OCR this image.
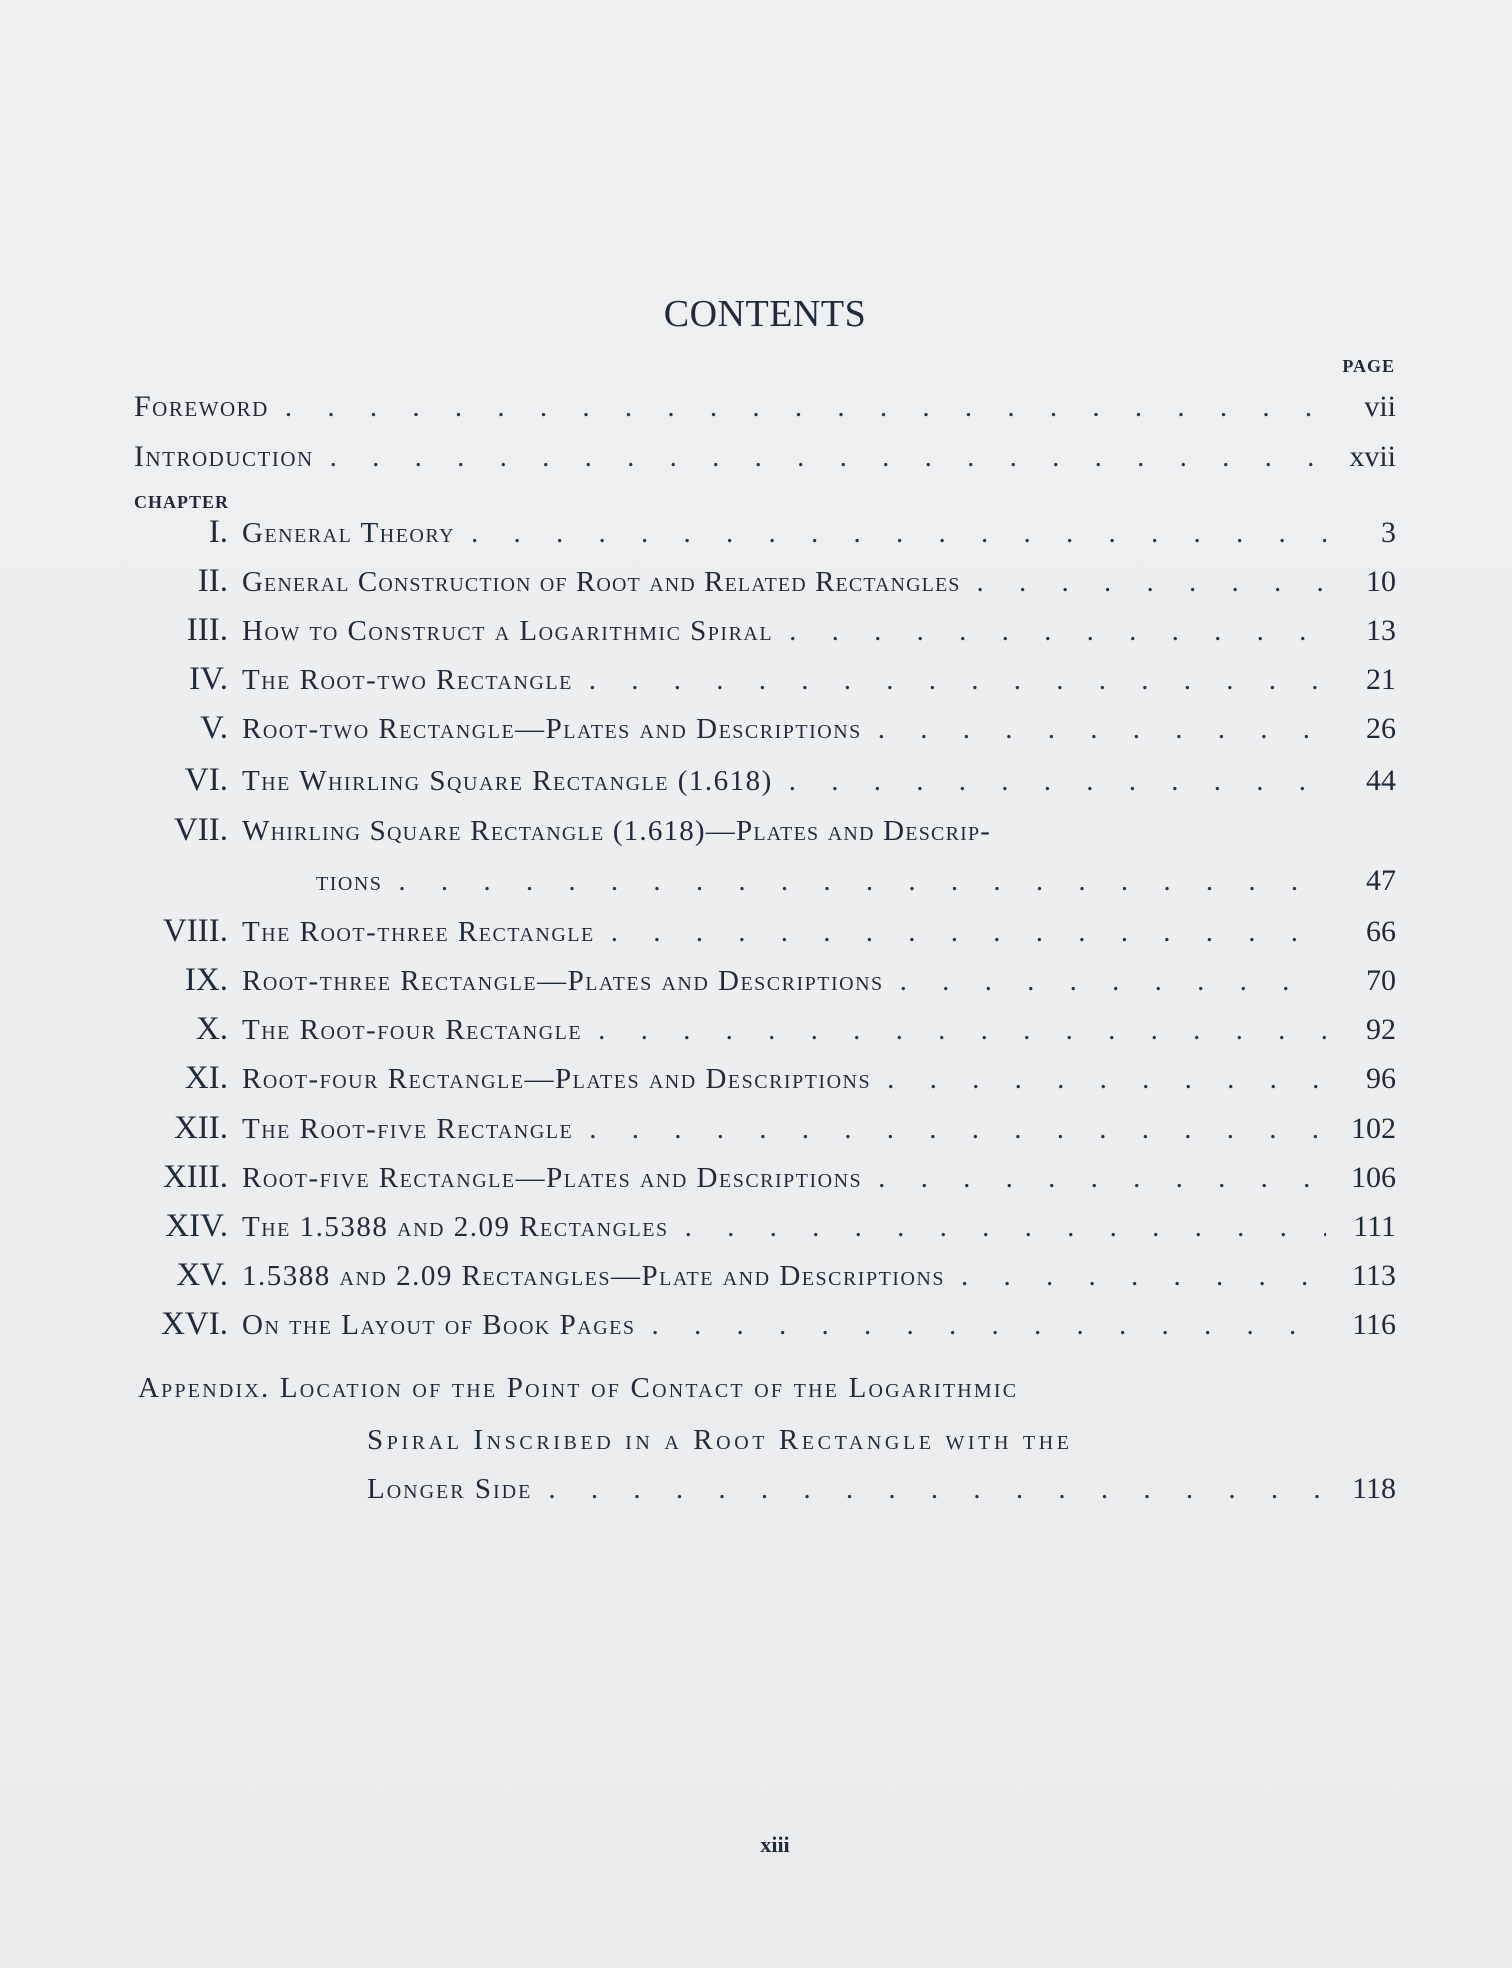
CONTENTS
PAGE
Foreword . . .	vii
Introduction . . .	xvii
CHAPTER
I. General Theory . . .	3
II. General Construction of Root and Related Rectangles . . .	10
III. How to Construct a Logarithmic Spiral . . .	13
IV. The Root-two Rectangle . . .	21
V. Root-two Rectangle—Plates and Descriptions . . .	26
VI. The Whirling Square Rectangle (1.618) . . .	44
VII. Whirling Square Rectangle (1.618)—Plates and Descrip-
tions . . .	47
VIII. The Root-three Rectangle . . .	66
IX. Root-three Rectangle—Plates and Descriptions . . .	70
X. The Root-four Rectangle . . .	92
XI. Root-four Rectangle—Plates and Descriptions . . .	96
XII. The Root-five Rectangle . . .	102
XIII. Root-five Rectangle—Plates and Descriptions . . .	106
XIV. The 1.5388 and 2.09 Rectangles . . .	111
XV. 1.5388 and 2.09 Rectangles—Plate and Descriptions . . .	113
XVI. On the Layout of Book Pages . . .	116
Appendix. Location of the Point of Contact of the Logarithmic
Spiral Inscribed in a Root Rectangle with the
Longer Side . . .	118
xiii
